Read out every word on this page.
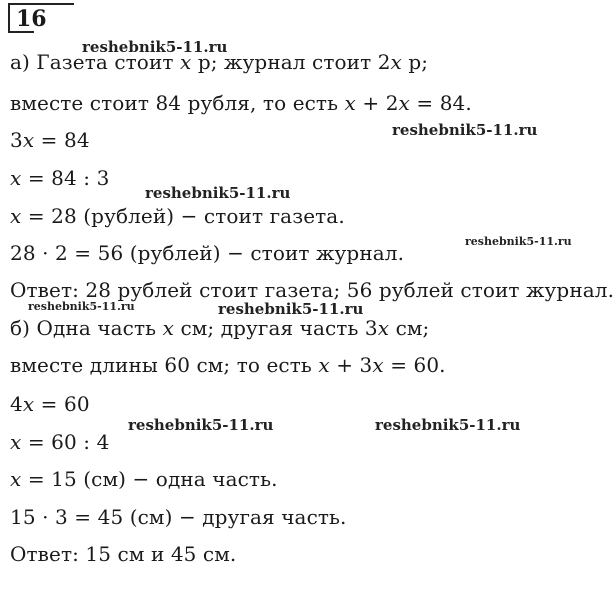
16
а) Газета стоит x р; журнал стоит 2x р;
вместе стоит 84 рубля, то есть x + 2x = 84.
3x = 84
x = 84 : 3
x = 28 (рублей) − стоит газета.
28 · 2 = 56 (рублей) − стоит журнал.
Ответ: 28 рублей стоит газета; 56 рублей стоит журнал.
б) Одна часть x см; другая часть 3x см;
вместе длины 60 см; то есть x + 3x = 60.
4x = 60
x = 60 : 4
x = 15 (см) − одна часть.
15 · 3 = 45 (см) − другая часть.
Ответ: 15 см и 45 см.
reshebnik5-11.ru
reshebnik5-11.ru
reshebnik5-11.ru
reshebnik5-11.ru
reshebnik5-11.ru	reshebnik5-11.ru
reshebnik5-11.ru	reshebnik5-11.ru
